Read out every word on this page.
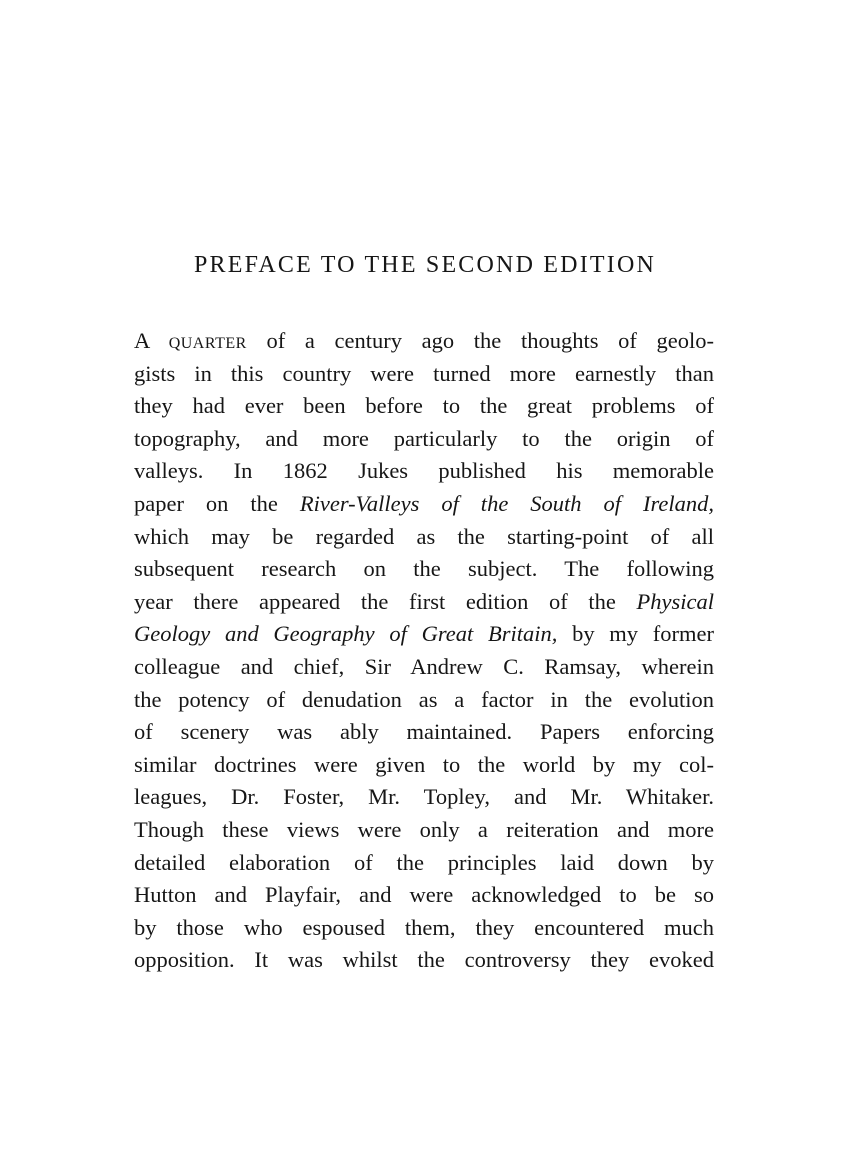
PREFACE TO THE SECOND EDITION
A quarter of a century ago the thoughts of geolo-
gists in this country were turned more earnestly than
they had ever been before to the great problems of
topography, and more particularly to the origin of
valleys. In 1862 Jukes published his memorable
paper on the River-Valleys of the South of Ireland,
which may be regarded as the starting-point of all
subsequent research on the subject. The following
year there appeared the first edition of the Physical
Geology and Geography of Great Britain, by my former
colleague and chief, Sir Andrew C. Ramsay, wherein
the potency of denudation as a factor in the evolution
of scenery was ably maintained. Papers enforcing
similar doctrines were given to the world by my col-
leagues, Dr. Foster, Mr. Topley, and Mr. Whitaker.
Though these views were only a reiteration and more
detailed elaboration of the principles laid down by
Hutton and Playfair, and were acknowledged to be so
by those who espoused them, they encountered much
opposition. It was whilst the controversy they evoked
